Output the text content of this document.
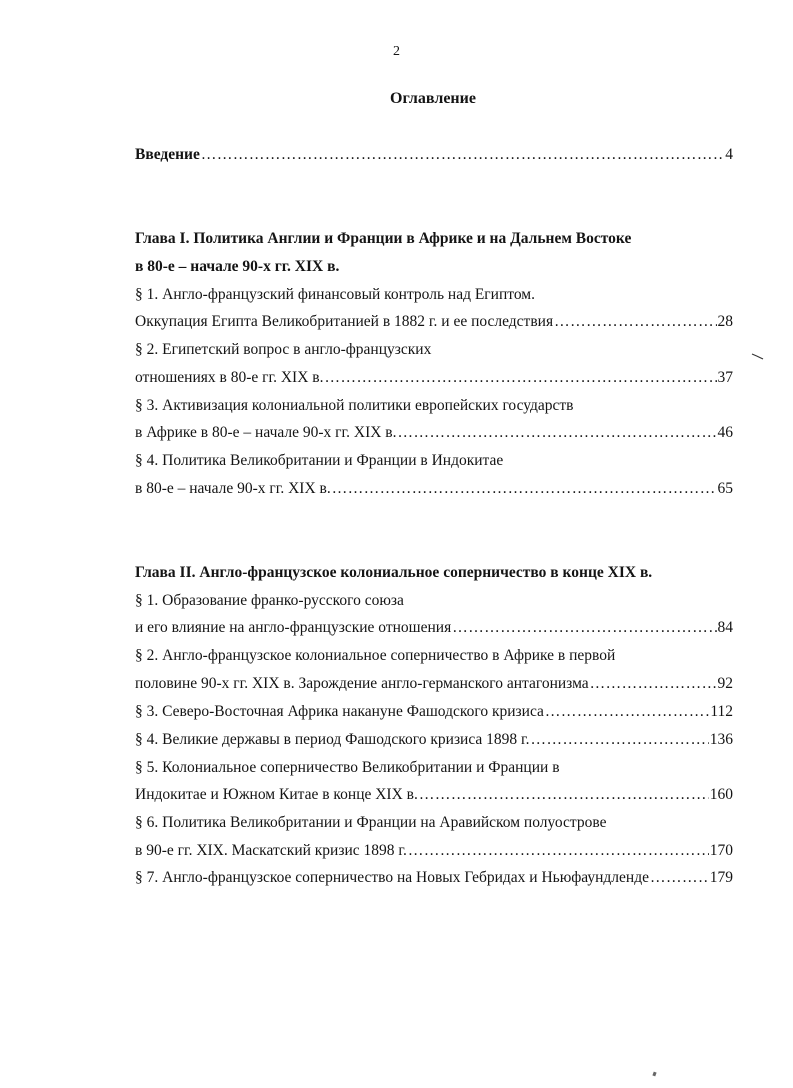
2
Оглавление
Введение ……………………………………………………………………………………………………………………………………………	4
Глава I. Политика Англии и Франции в Африке и на Дальнем Востоке
в 80-е – начале 90-х гг. XIX в.
§ 1. Англо-французский финансовый контроль над Египтом.
Оккупация Египта Великобританией в 1882 г. и ее последствия ……………………………………………………………………………………………………………………………………………	28
§ 2. Египетский вопрос в англо-французских
отношениях в 80-е гг. XIX в. ……………………………………………………………………………………………………………………………………………	37
§ 3. Активизация колониальной политики европейских государств
в Африке в 80-е – начале 90-х гг. XIX в. ……………………………………………………………………………………………………………………………………………	46
§ 4. Политика Великобритании и Франции в Индокитае
в 80-е – начале 90-х гг. XIX в. ……………………………………………………………………………………………………………………………………………	65
Глава II. Англо-французское колониальное соперничество в конце XIX в.
§ 1. Образование франко-русского союза
и его влияние на англо-французские отношения ……………………………………………………………………………………………………………………………………………	84
§ 2. Англо-французское колониальное соперничество в Африке в первой
половине 90-х гг. XIX в. Зарождение англо-германского антагонизма ……………………………………………………………………………………………………………………………………………	92
§ 3. Северо-Восточная Африка накануне Фашодского кризиса ……………………………………………………………………………………………………………………………………………	112
§ 4. Великие державы в период Фашодского кризиса 1898 г. ……………………………………………………………………………………………………………………………………………	136
§ 5. Колониальное соперничество Великобритании и Франции в
Индокитае и Южном Китае в конце XIX в. ……………………………………………………………………………………………………………………………………………	160
§ 6. Политика Великобритании и Франции на Аравийском полуострове
в 90-е гг. XIX. Маскатский кризис 1898 г. ……………………………………………………………………………………………………………………………………………	170
§ 7. Англо-французское соперничество на Новых Гебридах и Ньюфаундленде ……………………………………………………………………………………………………………………………………………	179
